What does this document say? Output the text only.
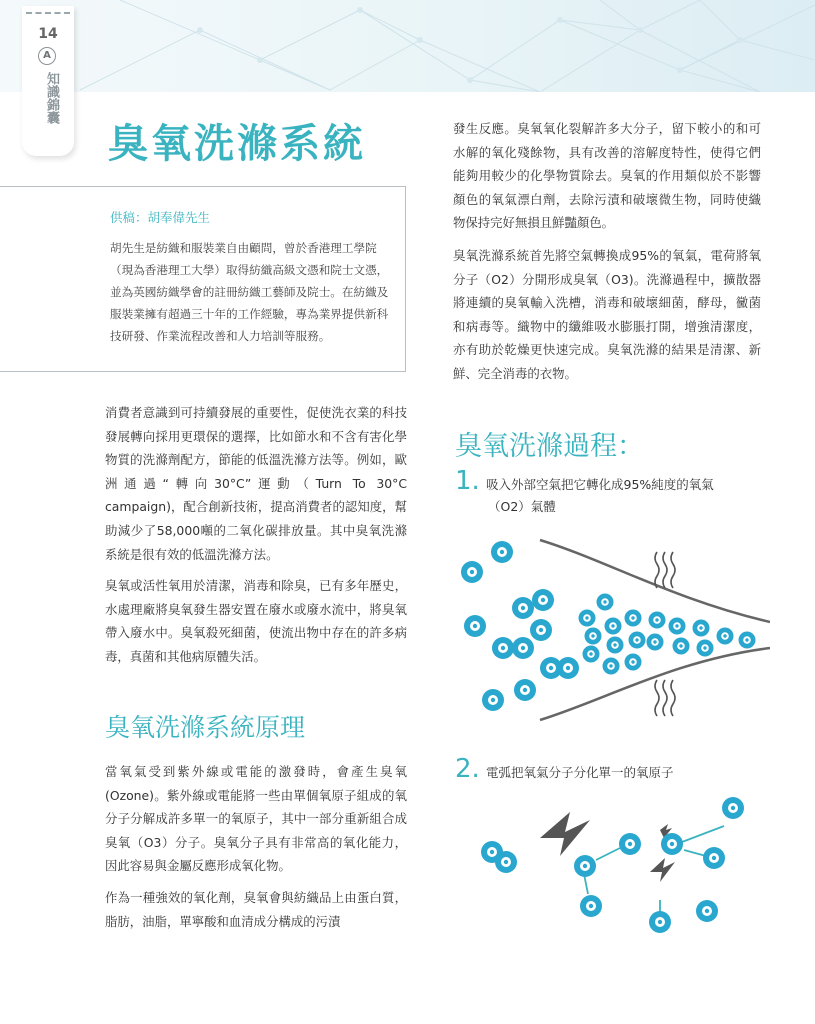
14
A
知識錦囊
臭氧洗滌系統
供稿：胡奉偉先生
胡先生是紡織和服裝業自由顧問，曾於香港理工學院（現為香港理工大學）取得紡織高級文憑和院士文憑，並為英國紡織學會的註冊紡織工藝師及院士。在紡織及服裝業擁有超過三十年的工作經驗，專為業界提供新科技研發、作業流程改善和人力培訓等服務。
消費者意識到可持續發展的重要性，促使洗衣業的科技發展轉向採用更環保的選擇，比如節水和不含有害化學物質的洗滌劑配方，節能的低溫洗滌方法等。例如，歐洲通過“轉向30°C”運動（Turn To 30°C campaign)，配合創新技術，提高消費者的認知度，幫助減少了58,000噸的二氧化碳排放量。其中臭氧洗滌系統是很有效的低溫洗滌方法。
臭氧或活性氧用於清潔，消毒和除臭，已有多年歷史，水處理廠將臭氧發生器安置在廢水或廢水流中，將臭氧帶入廢水中。臭氧殺死細菌，使流出物中存在的許多病毒，真菌和其他病原體失活。
臭氧洗滌系統原理
當氧氣受到紫外線或電能的激發時，會產生臭氧(Ozone)。紫外線或電能將一些由單個氧原子組成的氧分子分解成許多單一的氧原子，其中一部分重新組合成臭氧（O3）分子。臭氧分子具有非常高的氧化能力，因此容易與金屬反應形成氧化物。
作為一種強效的氧化劑，臭氧會與紡織品上由蛋白質，脂肪，油脂，單寧酸和血清成分構成的污漬
發生反應。臭氧氧化裂解許多大分子，留下較小的和可水解的氧化殘餘物，具有改善的溶解度特性，使得它們能夠用較少的化學物質除去。臭氧的作用類似於不影響顏色的氧氣漂白劑，去除污漬和破壞微生物，同時使織物保持完好無損且鮮豔顏色。
臭氧洗滌系統首先將空氣轉換成95%的氧氣，電荷將氧分子（O2）分開形成臭氧（O3)。洗滌過程中，擴散器將連續的臭氧輸入洗槽，消毒和破壞細菌，酵母，黴菌和病毒等。織物中的纖維吸水膨脹打開，增強清潔度，亦有助於乾燥更快速完成。臭氧洗滌的結果是清潔、新鮮、完全消毒的衣物。
臭氧洗滌過程：
1. 吸入外部空氣把它轉化成95%純度的氧氣
（O2）氣體
2. 電弧把氧氣分子分化單一的氧原子
